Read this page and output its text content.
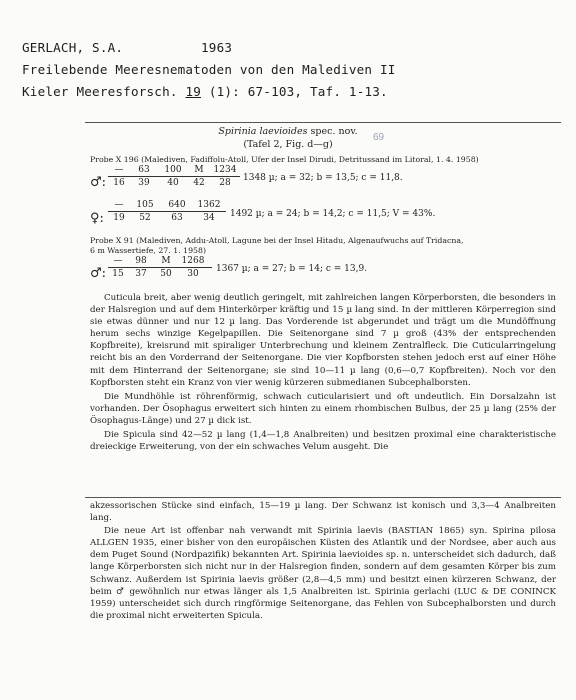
GERLACH, S.A.	1963
Freilebende Meeresnematoden von den Malediven II
Kieler Meeresforsch. 19 (1): 67-103, Taf. 1-13.
Spirinia laevioides spec. nov.
(Tafel 2, Fig. d—g)
69
Probe X 196 (Malediven, Fadiffolu-Atoll, Ufer der Insel Dirudi, Detritussand im Litoral, 1. 4. 1958)
♂:
—	63	100	M	1234
16	39	40	42	28	1348 µ; a = 32; b = 13,5; c = 11,8.
♀:
—	105	640	1362
19	52	63	34	1492 µ; a = 24; b = 14,2; c = 11,5; V = 43%.
Probe X 91 (Malediven, Addu-Atoll, Lagune bei der Insel Hitadu, Algenaufwuchs auf Tridacna,
6 m Wassertiefe, 27. 1. 1958)
♂:
—	98	M	1268
15	37	50	30	1367 µ; a = 27; b = 14; c = 13,9.

Cuticula breit, aber wenig deutlich geringelt, mit zahlreichen langen Körperborsten, die besonders in der Halsregion und auf dem Hinterkörper kräftig und 15 µ lang sind. In der mittleren Körperregion sind sie etwas dünner und nur 12 µ lang. Das Vorderende ist abgerundet und trägt um die Mundöffnung herum sechs winzige Kegelpapillen. Die Seitenorgane sind 7 µ groß (43% der entsprechenden Kopfbreite), kreisrund mit spiraliger Unterbrechung und kleinem Zentralfleck. Die Cuticularringelung reicht bis an den Vorderrand der Seitenorgane. Die vier Kopfborsten stehen jedoch erst auf einer Höhe mit dem Hinterrand der Seitenorgane; sie sind 10—11 µ lang (0,6—0,7 Kopfbreiten). Noch vor den Kopfborsten steht ein Kranz von vier wenig kürzeren submedianen Subcephalborsten.

Die Mundhöhle ist röhrenförmig, schwach cuticularisiert und oft undeutlich. Ein Dorsalzahn ist vorhanden. Der Ösophagus erweitert sich hinten zu einem rhombischen Bulbus, der 25 µ lang (25% der Ösophagus-Länge) und 27 µ dick ist.

Die Spicula sind 42—52 µ lang (1,4—1,8 Analbreiten) und besitzen proximal eine charakteristische dreieckige Erweiterung, von der ein schwaches Velum ausgeht. Die

akzessorischen Stücke sind einfach, 15—19 µ lang. Der Schwanz ist konisch und 3,3—4 Analbreiten lang.

Die neue Art ist offenbar nah verwandt mit Spirinia laevis (BASTIAN 1865) syn. Spirina pilosa ALLGEN 1935, einer bisher von den europäischen Küsten des Atlantik und der Nordsee, aber auch aus dem Puget Sound (Nordpazifik) bekannten Art. Spirinia laevioides sp. n. unterscheidet sich dadurch, daß lange Körperborsten sich nicht nur in der Halsregion finden, sondern auf dem gesamten Körper bis zum Schwanz. Außerdem ist Spirinia laevis größer (2,8—4,5 mm) und besitzt einen kürzeren Schwanz, der beim ♂ gewöhnlich nur etwas länger als 1,5 Analbreiten ist. Spirinia gerlachi (LUC & DE CONINCK 1959) unterscheidet sich durch ringförmige Seitenorgane, das Fehlen von Subcephalborsten und durch die proximal nicht erweiterten Spicula.
